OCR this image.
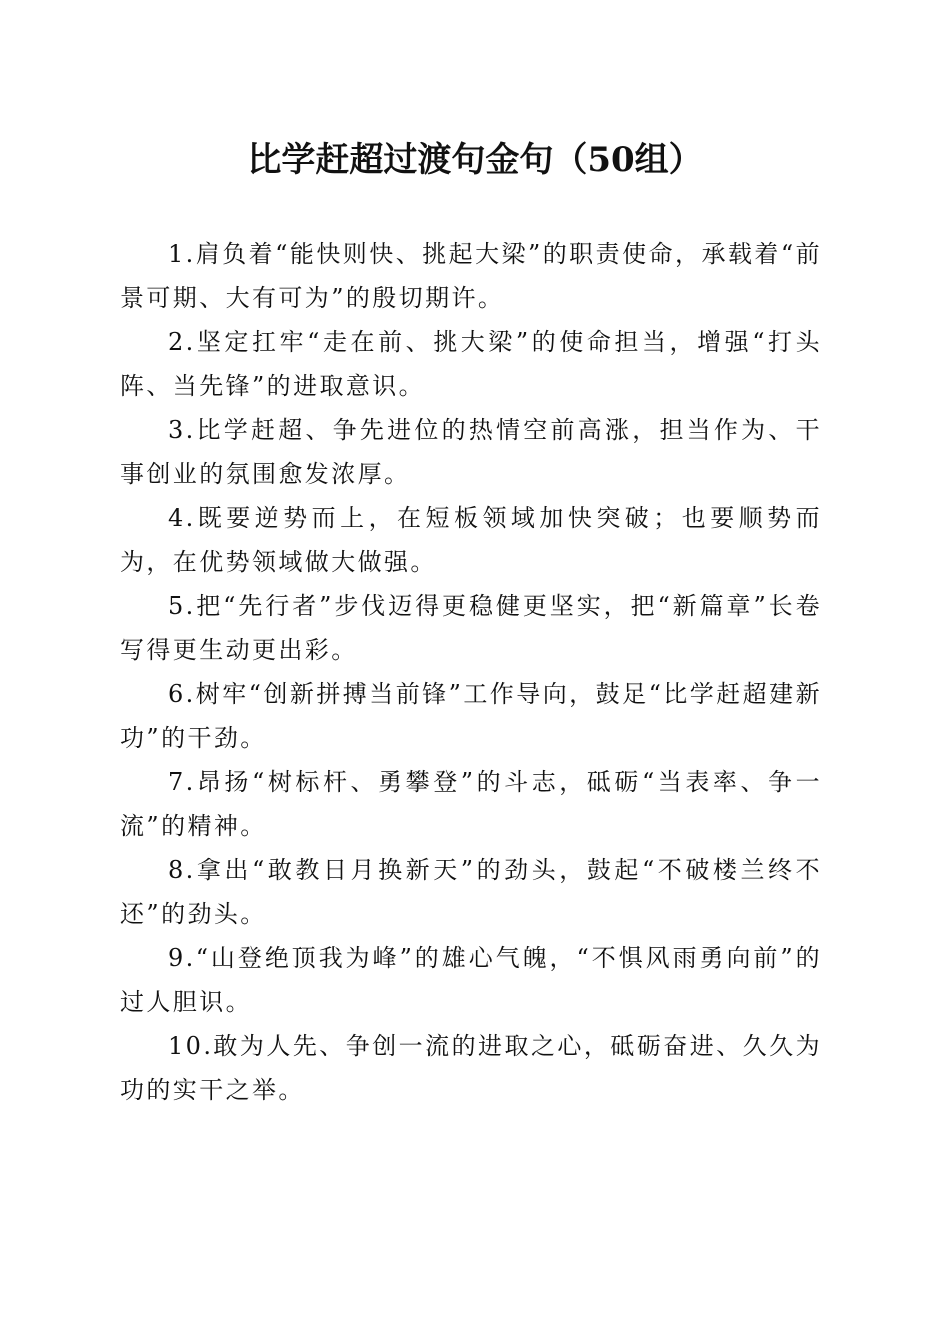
比学赶超过渡句金句（50组）

1.肩负着“能快则快、挑起大梁”的职责使命，承载着“前景可期、大有可为”的殷切期许。

2.坚定扛牢“走在前、挑大梁”的使命担当，增强“打头阵、当先锋”的进取意识。

3.比学赶超、争先进位的热情空前高涨，担当作为、干事创业的氛围愈发浓厚。

4.既要逆势而上，在短板领域加快突破；也要顺势而为，在优势领域做大做强。

5.把“先行者”步伐迈得更稳健更坚实，把“新篇章”长卷写得更生动更出彩。

6.树牢“创新拼搏当前锋”工作导向，鼓足“比学赶超建新功”的干劲。

7.昂扬“树标杆、勇攀登”的斗志，砥砺“当表率、争一流”的精神。

8.拿出“敢教日月换新天”的劲头，鼓起“不破楼兰终不还”的劲头。

9.“山登绝顶我为峰”的雄心气魄，“不惧风雨勇向前”的过人胆识。

10.敢为人先、争创一流的进取之心，砥砺奋进、久久为功的实干之举。
